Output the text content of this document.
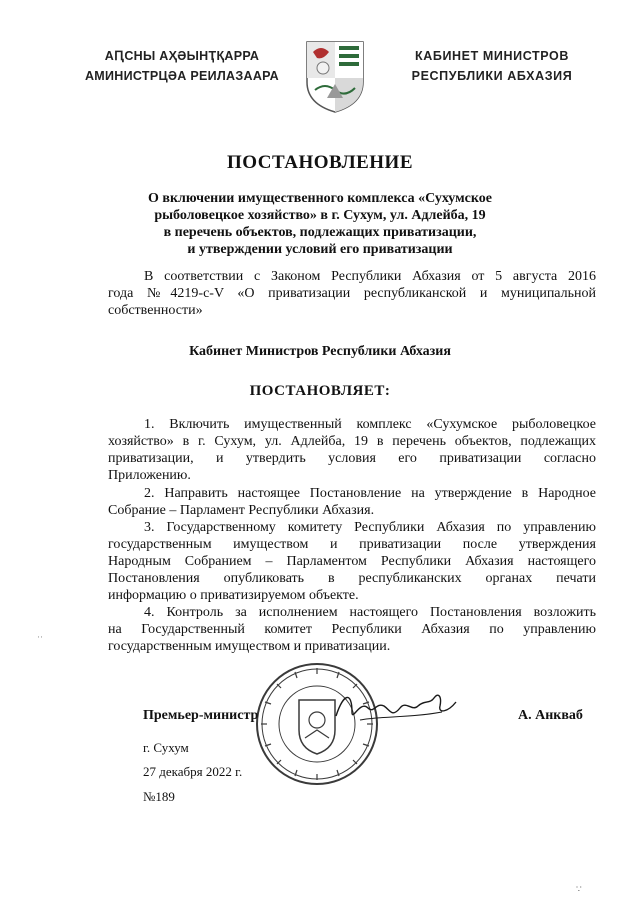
АԤСНЫ АҲӘЫНҬҚАРРА
АМИНИСТРЦӘА РЕИЛАЗААРА
КАБИНЕТ МИНИСТРОВ
РЕСПУБЛИКИ АБХАЗИЯ
ПОСТАНОВЛЕНИЕ
О включении имущественного комплекса «Сухумское
рыболовецкое хозяйство» в г. Сухум, ул. Адлейба, 19
в перечень объектов, подлежащих приватизации,
и утверждении условий его приватизации
В соответствии с Законом Республики Абхазия от 5 августа 2016
года №4219-с-V «О приватизации республиканской и муниципальной
собственности»
Кабинет Министров Республики Абхазия
ПОСТАНОВЛЯЕТ:
1. Включить имущественный комплекс «Сухумское рыболовецкое
хозяйство» в г. Сухум, ул. Адлейба, 19 в перечень объектов, подлежащих
приватизации, и утвердить условия его приватизации согласно
Приложению.
2. Направить настоящее Постановление на утверждение в Народное
Собрание – Парламент Республики Абхазия.
3. Государственному комитету Республики Абхазия по управлению
государственным имуществом и приватизации после утверждения
Народным Собранием – Парламентом Республики Абхазия настоящего
Постановления опубликовать в республиканских органах печати
информацию о приватизируемом объекте.
4. Контроль за исполнением настоящего Постановления возложить
на Государственный комитет Республики Абхазия по управлению
государственным имуществом и приватизации.
Премьер-министр	А. Анкваб
г. Сухум
27 декабря 2022 г.
№189
··
∵
